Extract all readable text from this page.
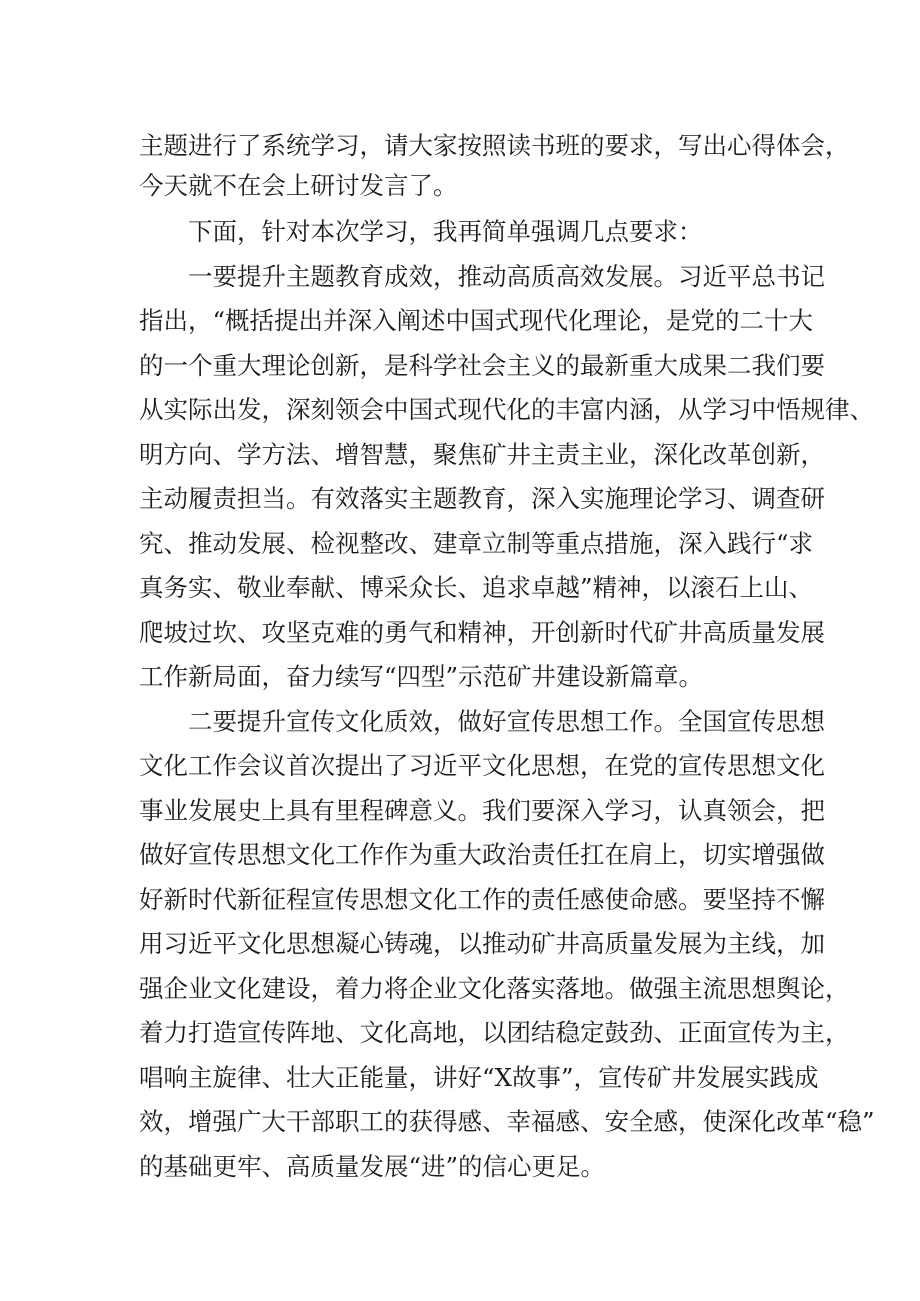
主题进行了系统学习，请大家按照读书班的要求，写出心得体会，
今天就不在会上研讨发言了。
　　下面，针对本次学习，我再简单强调几点要求：
　　一要提升主题教育成效，推动高质高效发展。习近平总书记
指出，“概括提出并深入阐述中国式现代化理论，是党的二十大
的一个重大理论创新，是科学社会主义的最新重大成果二我们要
从实际出发，深刻领会中国式现代化的丰富内涵，从学习中悟规律、
明方向、学方法、增智慧，聚焦矿井主责主业，深化改革创新，
主动履责担当。有效落实主题教育，深入实施理论学习、调查研
究、推动发展、检视整改、建章立制等重点措施，深入践行“求
真务实、敬业奉献、博采众长、追求卓越”精神，以滚石上山、
爬坡过坎、攻坚克难的勇气和精神，开创新时代矿井高质量发展
工作新局面，奋力续写“四型”示范矿井建设新篇章。
　　二要提升宣传文化质效，做好宣传思想工作。全国宣传思想
文化工作会议首次提出了习近平文化思想，在党的宣传思想文化
事业发展史上具有里程碑意义。我们要深入学习，认真领会，把
做好宣传思想文化工作作为重大政治责任扛在肩上，切实增强做
好新时代新征程宣传思想文化工作的责任感使命感。要坚持不懈
用习近平文化思想凝心铸魂，以推动矿井高质量发展为主线，加
强企业文化建设，着力将企业文化落实落地。做强主流思想舆论，
着力打造宣传阵地、文化高地，以团结稳定鼓劲、正面宣传为主，
唱响主旋律、壮大正能量，讲好“X故事”，宣传矿井发展实践成
效，增强广大干部职工的获得感、幸福感、安全感，使深化改革“稳”
的基础更牢、高质量发展“进”的信心更足。
